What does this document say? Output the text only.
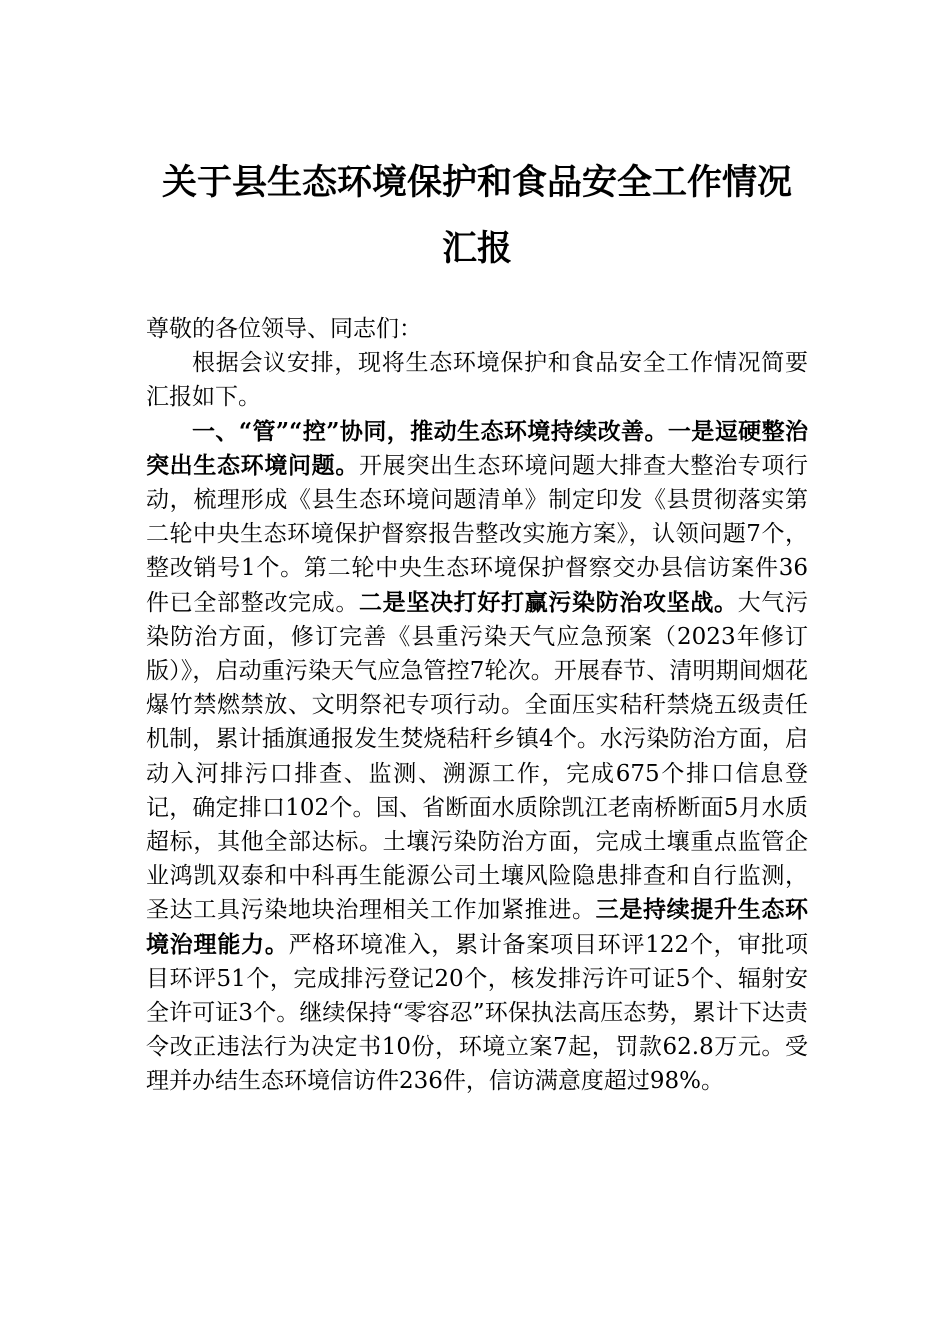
关于县生态环境保护和食品安全工作情况
汇报

尊敬的各位领导、同志们：

根据会议安排，现将生态环境保护和食品安全工作情况简要汇报如下。

一、“管”“控”协同，推动生态环境持续改善。一是逗硬整治突出生态环境问题。开展突出生态环境问题大排查大整治专项行动，梳理形成《县生态环境问题清单》制定印发《县贯彻落实第二轮中央生态环境保护督察报告整改实施方案》，认领问题7个，整改销号1个。第二轮中央生态环境保护督察交办县信访案件36件已全部整改完成。二是坚决打好打赢污染防治攻坚战。大气污染防治方面，修订完善《县重污染天气应急预案（2023年修订版）》，启动重污染天气应急管控7轮次。开展春节、清明期间烟花爆竹禁燃禁放、文明祭祀专项行动。全面压实秸秆禁烧五级责任机制，累计插旗通报发生焚烧秸秆乡镇4个。水污染防治方面，启动入河排污口排查、监测、溯源工作，完成675个排口信息登记，确定排口102个。国、省断面水质除凯江老南桥断面5月水质超标，其他全部达标。土壤污染防治方面，完成土壤重点监管企业鸿凯双泰和中科再生能源公司土壤风险隐患排查和自行监测，圣达工具污染地块治理相关工作加紧推进。三是持续提升生态环境治理能力。严格环境准入，累计备案项目环评122个，审批项目环评51个，完成排污登记20个，核发排污许可证5个、辐射安全许可证3个。继续保持“零容忍”环保执法高压态势，累计下达责令改正违法行为决定书10份，环境立案7起，罚款62.8万元。受理并办结生态环境信访件236件，信访满意度超过98%。
